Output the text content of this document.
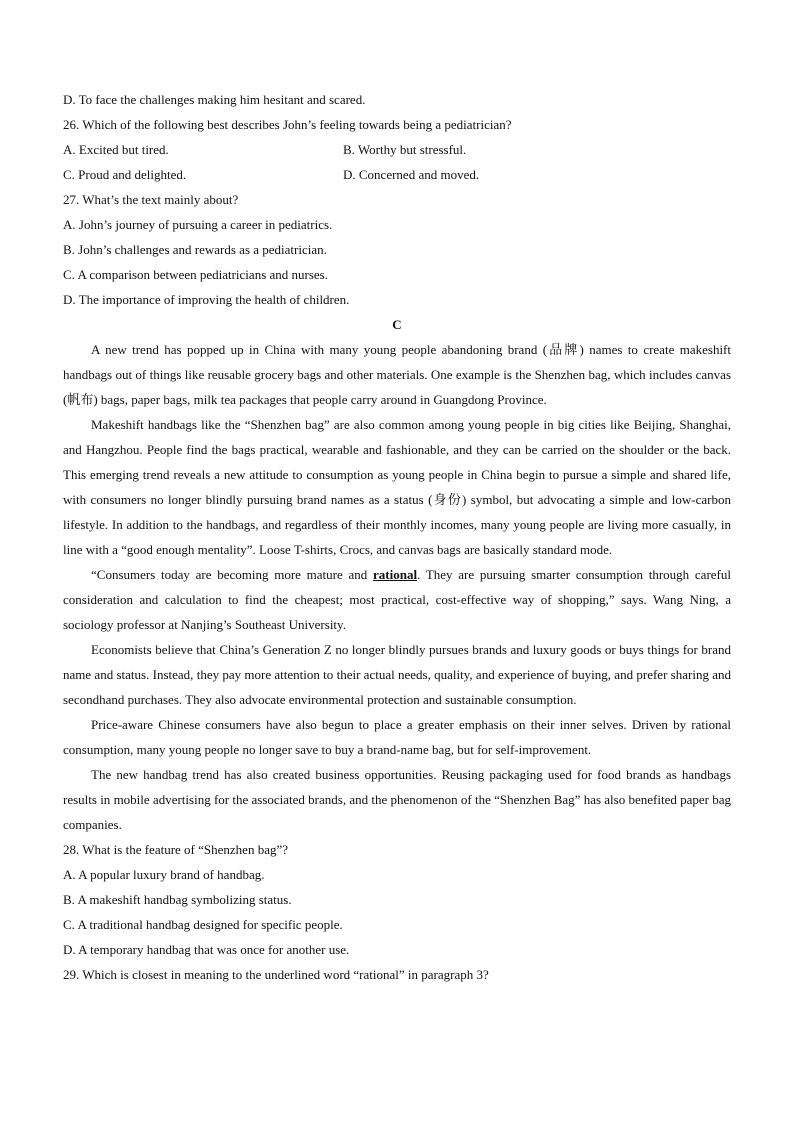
D. To face the challenges making him hesitant and scared.
26. Which of the following best describes John’s feeling towards being a pediatrician?
A. Excited but tired.	B. Worthy but stressful.
C. Proud and delighted.	D. Concerned and moved.
27. What’s the text mainly about?
A. John’s journey of pursuing a career in pediatrics.
B. John’s challenges and rewards as a pediatrician.
C. A comparison between pediatricians and nurses.
D. The importance of improving the health of children.
C

A new trend has popped up in China with many young people abandoning brand (品牌) names to create makeshift handbags out of things like reusable grocery bags and other materials. One example is the Shenzhen bag, which includes canvas (帆布) bags, paper bags, milk tea packages that people carry around in Guangdong Province.

Makeshift handbags like the “Shenzhen bag” are also common among young people in big cities like Beijing, Shanghai, and Hangzhou. People find the bags practical, wearable and fashionable, and they can be carried on the shoulder or the back. This emerging trend reveals a new attitude to consumption as young people in China begin to pursue a simple and shared life, with consumers no longer blindly pursuing brand names as a status (身份) symbol, but advocating a simple and low-carbon lifestyle. In addition to the handbags, and regardless of their monthly incomes, many young people are living more casually, in line with a “good enough mentality”. Loose T-shirts, Crocs, and canvas bags are basically standard mode.

“Consumers today are becoming more mature and rational. They are pursuing smarter consumption through careful consideration and calculation to find the cheapest; most practical, cost-effective way of shopping,” says. Wang Ning, a sociology professor at Nanjing’s Southeast University.

Economists believe that China’s Generation Z no longer blindly pursues brands and luxury goods or buys things for brand name and status. Instead, they pay more attention to their actual needs, quality, and experience of buying, and prefer sharing and secondhand purchases. They also advocate environmental protection and sustainable consumption.

Price-aware Chinese consumers have also begun to place a greater emphasis on their inner selves. Driven by rational consumption, many young people no longer save to buy a brand-name bag, but for self-improvement.

The new handbag trend has also created business opportunities. Reusing packaging used for food brands as handbags results in mobile advertising for the associated brands, and the phenomenon of the “Shenzhen Bag” has also benefited paper bag companies.

28. What is the feature of “Shenzhen bag”?
A. A popular luxury brand of handbag.
B. A makeshift handbag symbolizing status.
C. A traditional handbag designed for specific people.
D. A temporary handbag that was once for another use.
29. Which is closest in meaning to the underlined word “rational” in paragraph 3?
